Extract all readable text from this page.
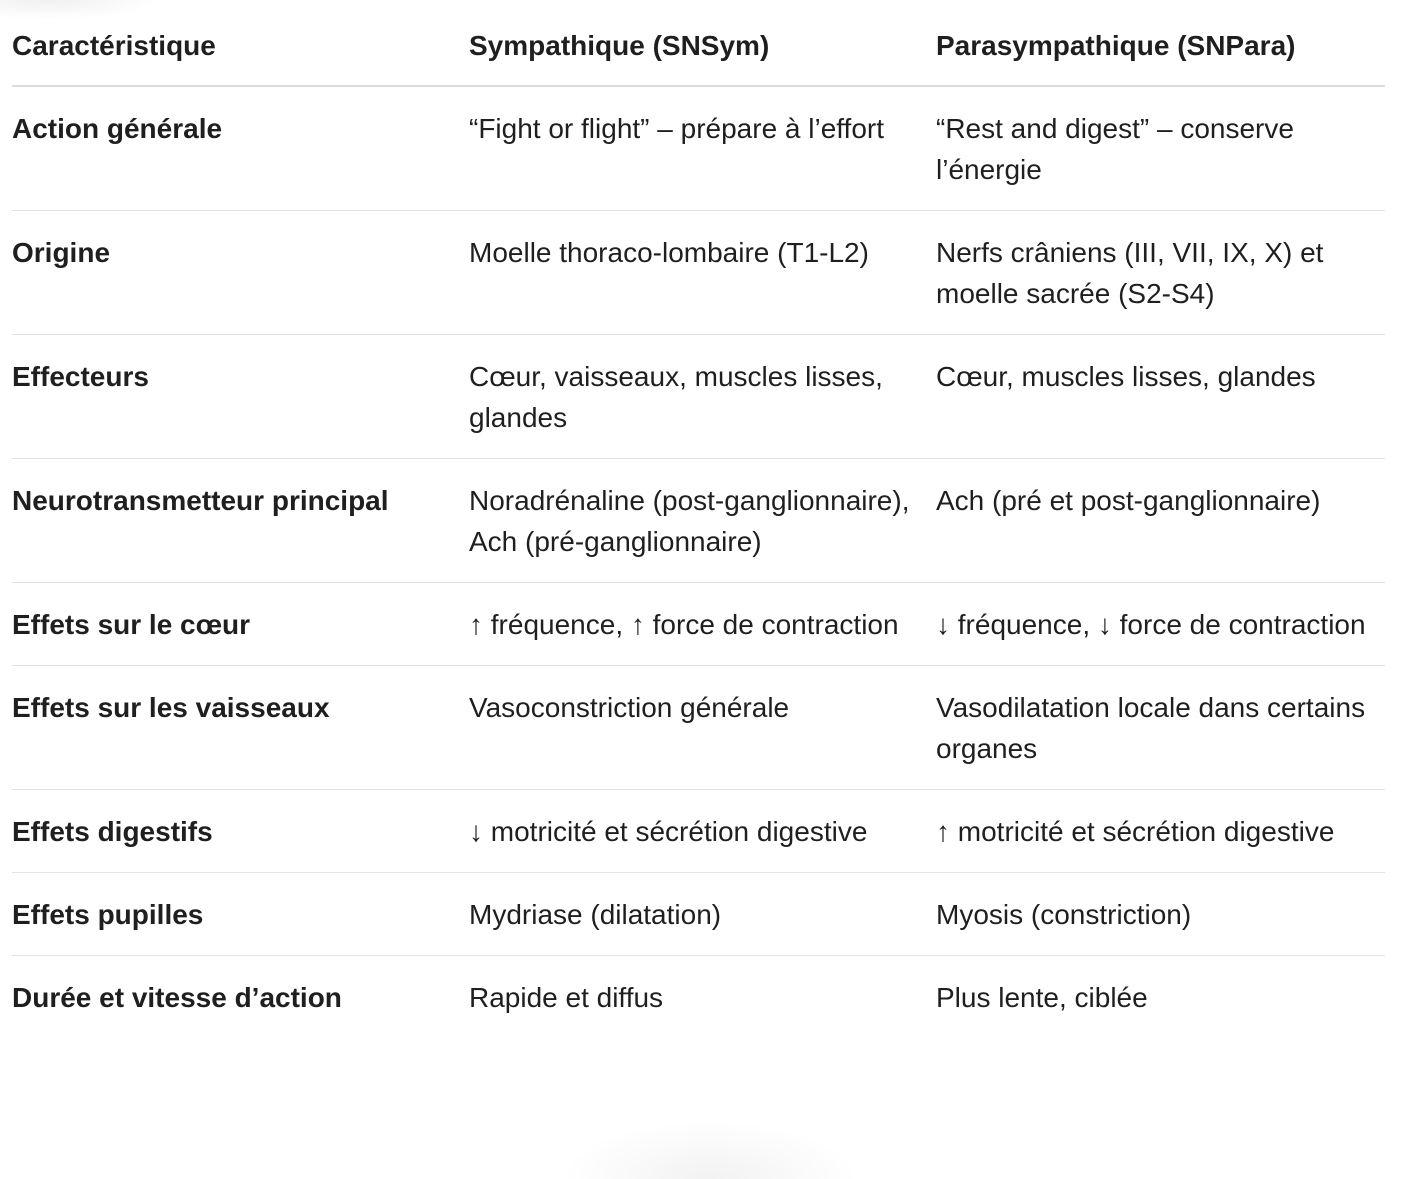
Caractéristique	Sympathique (SNSym)	Parasympathique (SNPara)
Action générale	“Fight or flight” – prépare à l’effort	“Rest and digest” – conserve l’énergie
Origine	Moelle thoraco-lombaire (T1-L2)	Nerfs crâniens (III, VII, IX, X) et moelle sacrée (S2-S4)
Effecteurs	Cœur, vaisseaux, muscles lisses, glandes	Cœur, muscles lisses, glandes
Neurotransmetteur principal	Noradrénaline (post-ganglionnaire), Ach (pré-ganglionnaire)	Ach (pré et post-ganglionnaire)
Effets sur le cœur	↑ fréquence, ↑ force de contraction	↓ fréquence, ↓ force de contraction
Effets sur les vaisseaux	Vasoconstriction générale	Vasodilatation locale dans certains organes
Effets digestifs	↓ motricité et sécrétion digestive	↑ motricité et sécrétion digestive
Effets pupilles	Mydriase (dilatation)	Myosis (constriction)
Durée et vitesse d’action	Rapide et diffus	Plus lente, ciblée
